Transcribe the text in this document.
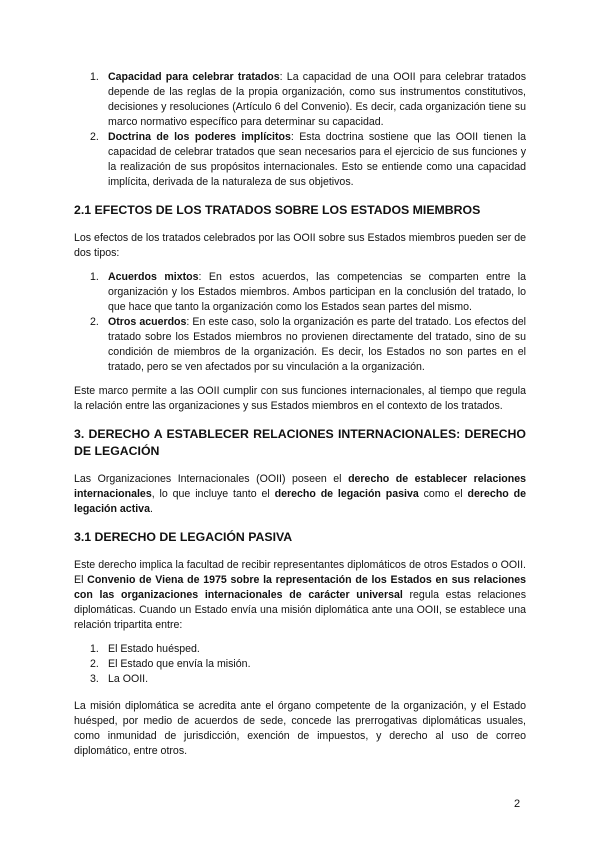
1. Capacidad para celebrar tratados: La capacidad de una OOII para celebrar tratados depende de las reglas de la propia organización, como sus instrumentos constitutivos, decisiones y resoluciones (Artículo 6 del Convenio). Es decir, cada organización tiene su marco normativo específico para determinar su capacidad.
2. Doctrina de los poderes implícitos: Esta doctrina sostiene que las OOII tienen la capacidad de celebrar tratados que sean necesarios para el ejercicio de sus funciones y la realización de sus propósitos internacionales. Esto se entiende como una capacidad implícita, derivada de la naturaleza de sus objetivos.
2.1 EFECTOS DE LOS TRATADOS SOBRE LOS ESTADOS MIEMBROS

Los efectos de los tratados celebrados por las OOII sobre sus Estados miembros pueden ser de dos tipos:

1. Acuerdos mixtos: En estos acuerdos, las competencias se comparten entre la organización y los Estados miembros. Ambos participan en la conclusión del tratado, lo que hace que tanto la organización como los Estados sean partes del mismo.
2. Otros acuerdos: En este caso, solo la organización es parte del tratado. Los efectos del tratado sobre los Estados miembros no provienen directamente del tratado, sino de su condición de miembros de la organización. Es decir, los Estados no son partes en el tratado, pero se ven afectados por su vinculación a la organización.

Este marco permite a las OOII cumplir con sus funciones internacionales, al tiempo que regula la relación entre las organizaciones y sus Estados miembros en el contexto de los tratados.

3. DERECHO A ESTABLECER RELACIONES INTERNACIONALES: DERECHO DE LEGACIÓN

Las Organizaciones Internacionales (OOII) poseen el derecho de establecer relaciones internacionales, lo que incluye tanto el derecho de legación pasiva como el derecho de legación activa.

3.1 DERECHO DE LEGACIÓN PASIVA

Este derecho implica la facultad de recibir representantes diplomáticos de otros Estados o OOII. El Convenio de Viena de 1975 sobre la representación de los Estados en sus relaciones con las organizaciones internacionales de carácter universal regula estas relaciones diplomáticas. Cuando un Estado envía una misión diplomática ante una OOII, se establece una relación tripartita entre:

1. El Estado huésped.
2. El Estado que envía la misión.
3. La OOII.

La misión diplomática se acredita ante el órgano competente de la organización, y el Estado huésped, por medio de acuerdos de sede, concede las prerrogativas diplomáticas usuales, como inmunidad de jurisdicción, exención de impuestos, y derecho al uso de correo diplomático, entre otros.

2
